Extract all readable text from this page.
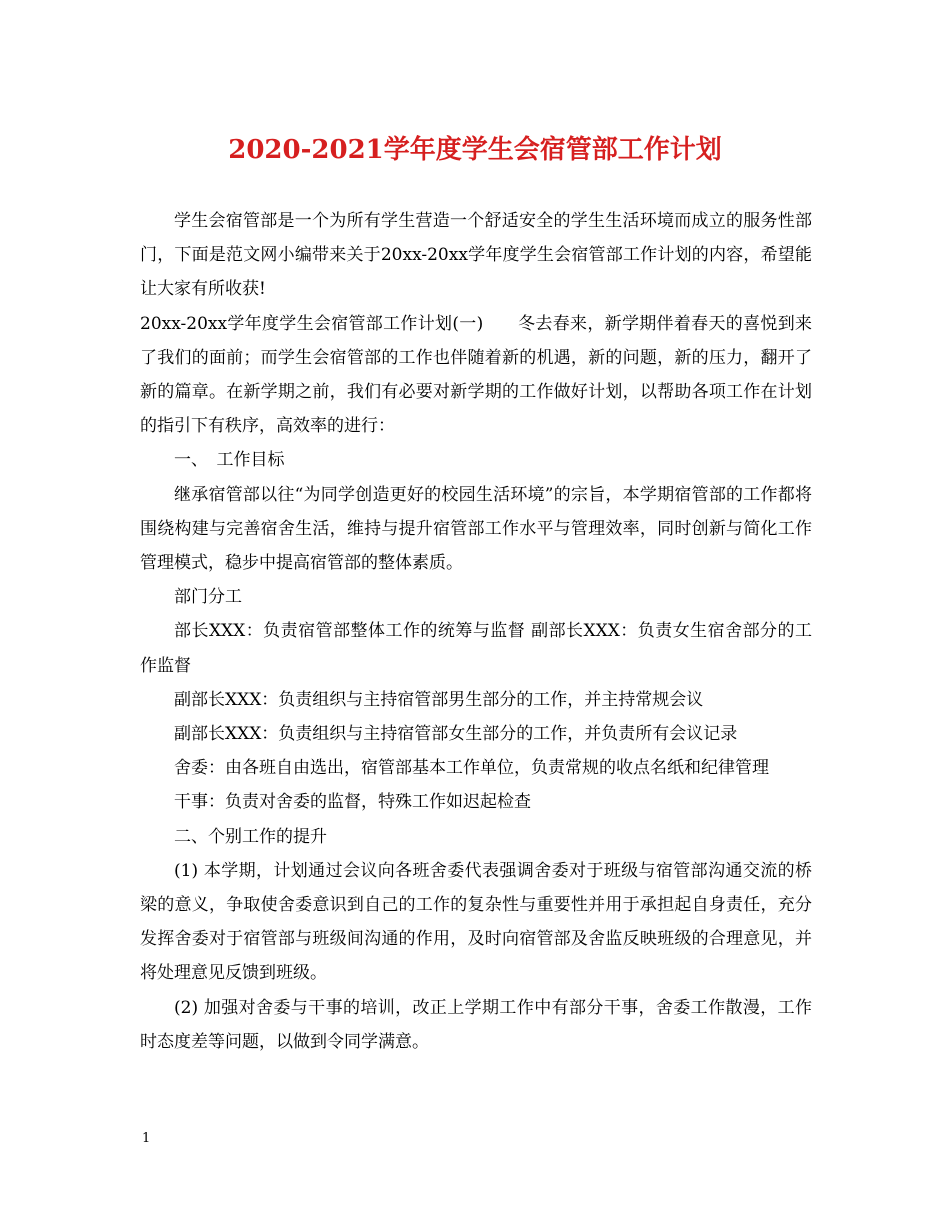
2020-2021学年度学生会宿管部工作计划

学生会宿管部是一个为所有学生营造一个舒适安全的学生生活环境而成立的服务性部门，下面是范文网小编带来关于20xx-20xx学年度学生会宿管部工作计划的内容，希望能让大家有所收获!

20xx-20xx学年度学生会宿管部工作计划(一)　　冬去春来，新学期伴着春天的喜悦到来了我们的面前；而学生会宿管部的工作也伴随着新的机遇，新的问题，新的压力，翻开了新的篇章。在新学期之前，我们有必要对新学期的工作做好计划，以帮助各项工作在计划的指引下有秩序，高效率的进行：

一、　工作目标

继承宿管部以往“为同学创造更好的校园生活环境”的宗旨，本学期宿管部的工作都将围绕构建与完善宿舍生活，维持与提升宿管部工作水平与管理效率，同时创新与简化工作管理模式，稳步中提高宿管部的整体素质。

部门分工

部长XXX：负责宿管部整体工作的统筹与监督 副部长XXX：负责女生宿舍部分的工作监督

副部长XXX：负责组织与主持宿管部男生部分的工作，并主持常规会议

副部长XXX：负责组织与主持宿管部女生部分的工作，并负责所有会议记录

舍委：由各班自由选出，宿管部基本工作单位，负责常规的收点名纸和纪律管理

干事：负责对舍委的监督，特殊工作如迟起检查

二、个别工作的提升

(1) 本学期，计划通过会议向各班舍委代表强调舍委对于班级与宿管部沟通交流的桥梁的意义，争取使舍委意识到自己的工作的复杂性与重要性并用于承担起自身责任，充分发挥舍委对于宿管部与班级间沟通的作用，及时向宿管部及舍监反映班级的合理意见，并将处理意见反馈到班级。

(2) 加强对舍委与干事的培训，改正上学期工作中有部分干事，舍委工作散漫，工作时态度差等问题，以做到令同学满意。

1
